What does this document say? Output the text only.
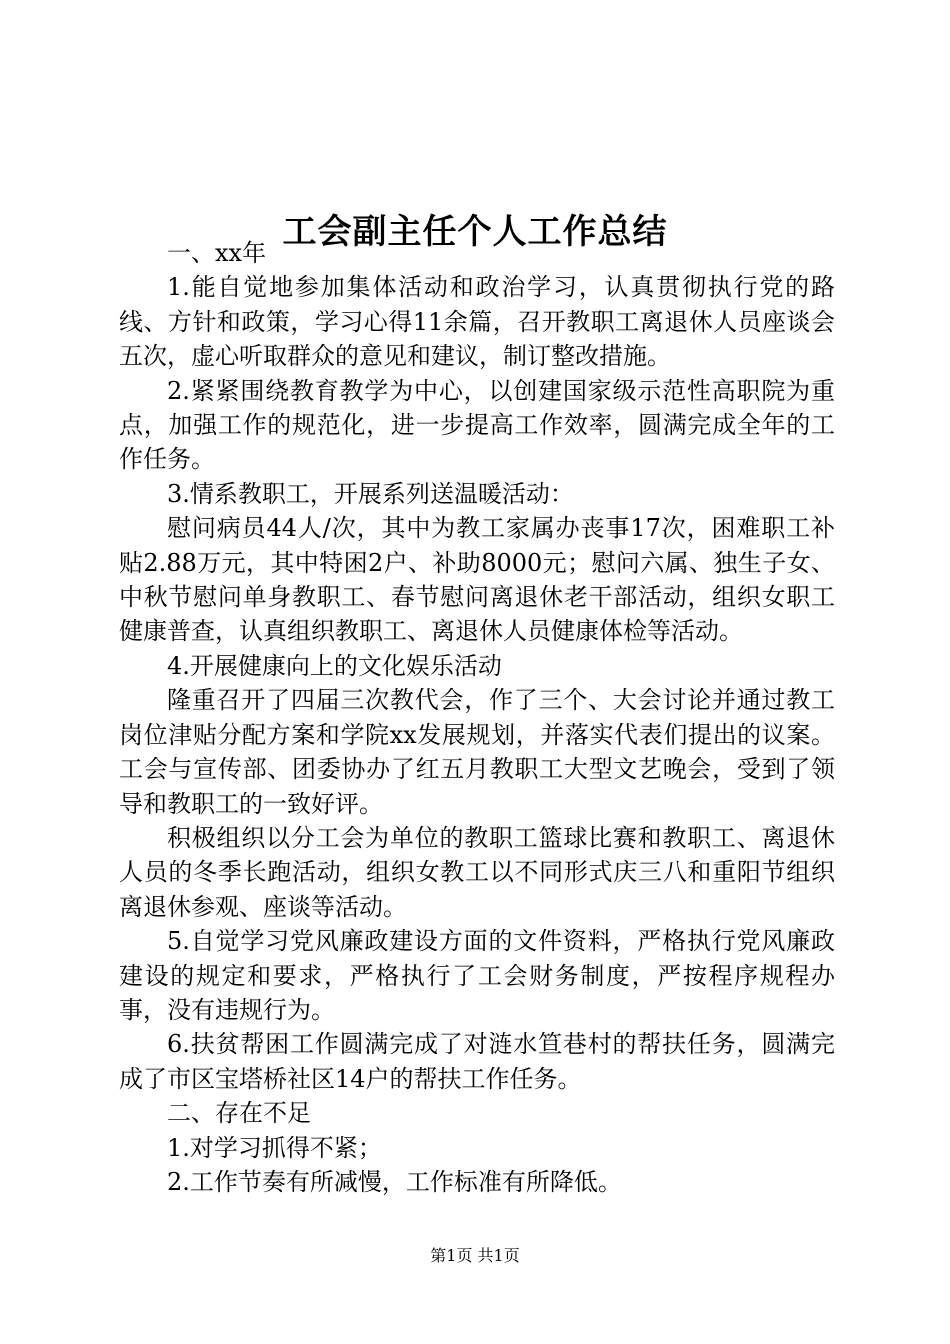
工会副主任个人工作总结

一、xx年

1.能自觉地参加集体活动和政治学习，认真贯彻执行党的路线、方针和政策，学习心得11余篇，召开教职工离退休人员座谈会五次，虚心听取群众的意见和建议，制订整改措施。

2.紧紧围绕教育教学为中心，以创建国家级示范性高职院为重点，加强工作的规范化，进一步提高工作效率，圆满完成全年的工作任务。

3.情系教职工，开展系列送温暖活动：

慰问病员44人/次，其中为教工家属办丧事17次，困难职工补贴2.88万元，其中特困2户、补助8000元；慰问六属、独生子女、中秋节慰问单身教职工、春节慰问离退休老干部活动，组织女职工健康普查，认真组织教职工、离退休人员健康体检等活动。

4.开展健康向上的文化娱乐活动

隆重召开了四届三次教代会，作了三个、大会讨论并通过教工岗位津贴分配方案和学院xx发展规划，并落实代表们提出的议案。工会与宣传部、团委协办了红五月教职工大型文艺晚会，受到了领导和教职工的一致好评。

积极组织以分工会为单位的教职工篮球比赛和教职工、离退休人员的冬季长跑活动，组织女教工以不同形式庆三八和重阳节组织离退休参观、座谈等活动。

5.自觉学习党风廉政建设方面的文件资料，严格执行党风廉政建设的规定和要求，严格执行了工会财务制度，严按程序规程办事，没有违规行为。

6.扶贫帮困工作圆满完成了对涟水笪巷村的帮扶任务，圆满完成了市区宝塔桥社区14户的帮扶工作任务。

二、存在不足

1.对学习抓得不紧；

2.工作节奏有所减慢，工作标准有所降低。

第1页 共1页
